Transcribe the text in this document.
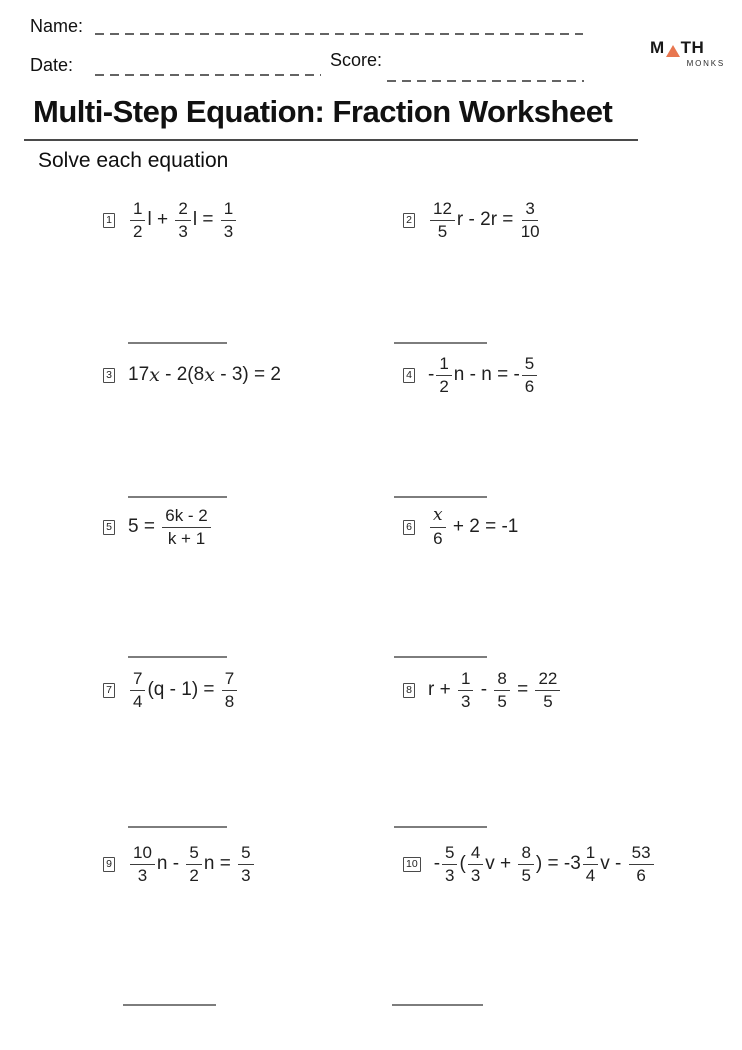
Name:
Date:	Score:
M TH
MONKS
Multi-Step Equation: Fraction Worksheet
Solve each equation
$1 \frac{1}{2}$ $l + \frac{2}{3}$ $l = \frac{1}{3}$
3 17 x - 2(8 x - 3) = 2
5 $5 = \frac{6k - 2}{k + 1}$
$7 \frac{7}{4} (q - 1) = \frac{7}{8}$
$9 \frac{10}{3}$ n - $\frac{5}{2}$ $n = \frac{5}{3}$
$2 \frac{12}{5}$ $r - 2r = \frac{3}{10}$
$4 - \frac{1}{2}$ n - n = - $\frac{5}{6}$
$6 \frac{x}{6} + 2 = -1$
8 $r + \frac{1}{3} - \frac{8}{5} = \frac{22}{5}$
$10 - \frac{5}{3}$ ( $\frac{4}{3}$ $v + \frac{8}{5}$ ) = $-3 \frac{1}{4}$ v - $\frac{53}{6}$
